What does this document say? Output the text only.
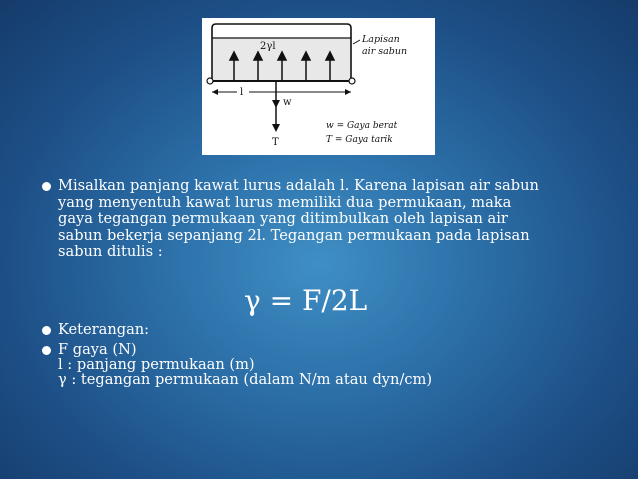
2γl
Lapisan
air sabun
l
w
T
w = Gaya berat
T = Gaya tarik
Misalkan panjang kawat lurus adalah l. Karena lapisan air sabun
yang menyentuh kawat lurus memiliki dua permukaan, maka
gaya tegangan permukaan yang ditimbulkan oleh lapisan air
sabun bekerja sepanjang 2l. Tegangan permukaan pada lapisan
sabun ditulis :
γ = F/2L
Keterangan:
F gaya (N)
l : panjang permukaan (m)
γ : tegangan permukaan (dalam N/m atau dyn/cm)
